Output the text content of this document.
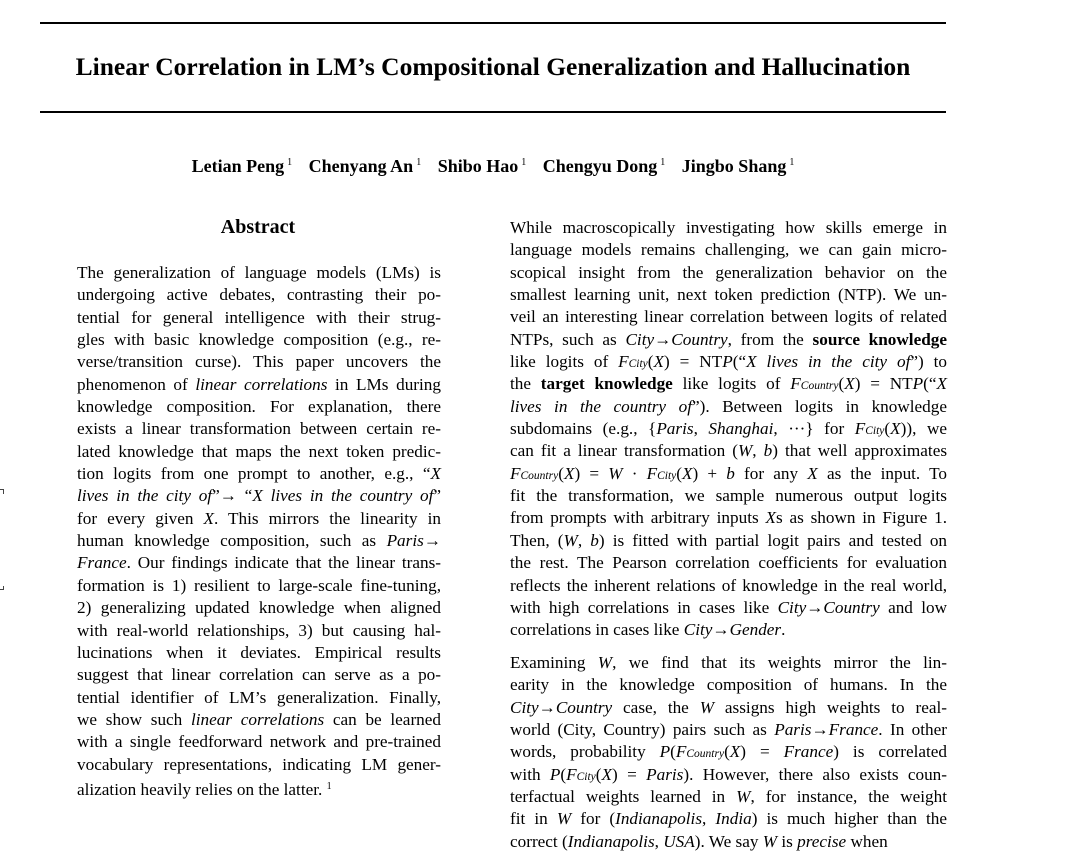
Linear Correlation in LM’s Compositional Generalization and Hallucination
Letian Peng $^1$ Chenyang An $^1$ Shibo Hao $^1$ Chengyu Dong $^1$ Jingbo Shang $^1$
Abstract
The generalization of language models (LMs) is
undergoing active debates, contrasting their po-
tential for general intelligence with their strug-
gles with basic knowledge composition (e.g., re-
verse/transition curse). This paper uncovers the
phenomenon of linear correlations in LMs during
knowledge composition. For explanation, there
exists a linear transformation between certain re-
lated knowledge that maps the next token predic-
tion logits from one prompt to another, e.g., “X
lives in the city of”→ “X lives in the country of”
for every given X. This mirrors the linearity in
human knowledge composition, such as Paris→
France. Our findings indicate that the linear trans-
formation is 1) resilient to large-scale fine-tuning,
2) generalizing updated knowledge when aligned
with real-world relationships, 3) but causing hal-
lucinations when it deviates. Empirical results
suggest that linear correlation can serve as a po-
tential identifier of LM’s generalization. Finally,
we show such linear correlations can be learned
with a single feedforward network and pre-trained
vocabulary representations, indicating LM gener-
alization heavily relies on the latter. $^1$
While macroscopically investigating how skills emerge in
language models remains challenging, we can gain micro-
scopical insight from the generalization behavior on the
smallest learning unit, next token prediction (NTP). We un-
veil an interesting linear correlation between logits of related
NTPs, such as City→Country, from the source knowledge
like logits of FCity(X) = NTP(“X lives in the city of”) to
the target knowledge like logits of FCountry(X) = NTP(“X
lives in the country of”). Between logits in knowledge
subdomains (e.g., {Paris, Shanghai, ···} for FCity(X)), we
can fit a linear transformation (W, b) that well approximates
FCountry(X) = W · FCity(X) + b for any X as the input. To
fit the transformation, we sample numerous output logits
from prompts with arbitrary inputs Xs as shown in Figure 1.
Then, (W, b) is fitted with partial logit pairs and tested on
the rest. The Pearson correlation coefficients for evaluation
reflects the inherent relations of knowledge in the real world,
with high correlations in cases like City→Country and low
correlations in cases like City→Gender.
Examining W, we find that its weights mirror the lin-
earity in the knowledge composition of humans. In the
City→Country case, the W assigns high weights to real-
world (City, Country) pairs such as Paris→France. In other
words, probability P(FCountry(X) = France) is correlated
with P(FCity(X) = Paris). However, there also exists coun-
terfactual weights learned in W, for instance, the weight
fit in W for (Indianapolis, India) is much higher than the
correct (Indianapolis, USA). We say W is precise when
